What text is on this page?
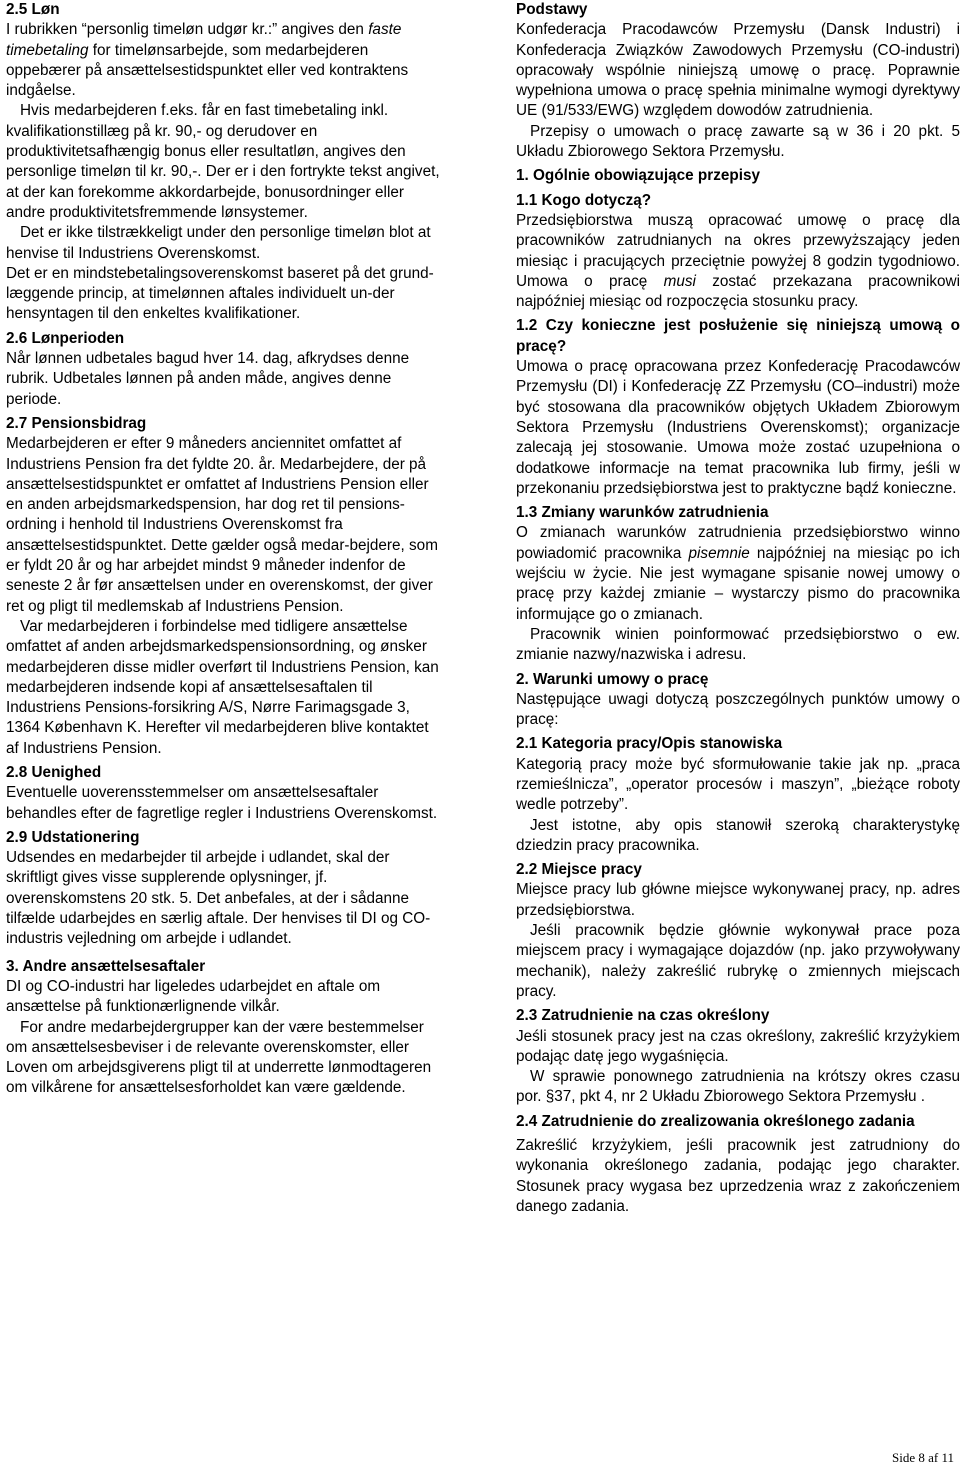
2.5 Løn

I rubrikken “personlig timeløn udgør kr.:” angives den faste timebetaling for timelønsarbejde, som medarbejderen oppebærer på ansættelsestidspunktet eller ved kontraktens indgåelse.

Hvis medarbejderen f.eks. får en fast timebetaling inkl. kvalifikationstillæg på kr. 90,- og derudover en produktivitetsafhængig bonus eller resultatløn, angives den personlige timeløn til kr. 90,-. Der er i den fortrykte tekst angivet, at der kan forekomme akkordarbejde, bonusordninger eller andre produktivitetsfremmende lønsystemer.

Det er ikke tilstrækkeligt under den personlige timeløn blot at henvise til Industriens Overenskomst.

Det er en mindstebetalingsoverenskomst baseret på det grund-læggende princip, at timelønnen aftales individuelt un-der hensyntagen til den enkeltes kvalifikationer.

2.6 Lønperioden

Når lønnen udbetales bagud hver 14. dag, afkrydses denne rubrik. Udbetales lønnen på anden måde, angives denne periode.

2.7 Pensionsbidrag

Medarbejderen er efter 9 måneders anciennitet omfattet af Industriens Pension fra det fyldte 20. år. Medarbejdere, der på ansættelsestidspunktet er omfattet af Industriens Pension eller en anden arbejdsmarkedspension, har dog ret til pensions-ordning i henhold til Industriens Overenskomst fra ansættelsestidspunktet. Dette gælder også medar-bejdere, som er fyldt 20 år og har arbejdet mindst 9 måneder indenfor de seneste 2 år før ansættelsen under en overenskomst, der giver ret og pligt til medlemskab af Industriens Pension.

Var medarbejderen i forbindelse med tidligere ansættelse omfattet af anden arbejdsmarkedspensionsordning, og ønsker medarbejderen disse midler overført til Industriens Pension, kan medarbejderen indsende kopi af ansættelsesaftalen til Industriens Pensions-forsikring A/S, Nørre Farimagsgade 3, 1364 København K. Herefter vil medarbejderen blive kontaktet af Industriens Pension.

2.8 Uenighed

Eventuelle uoverensstemmelser om ansættelsesaftaler behandles efter de fagretlige regler i Industriens Overenskomst.

2.9 Udstationering

Udsendes en medarbejder til arbejde i udlandet, skal der skriftligt gives visse supplerende oplysninger, jf. overenskomstens 20 stk. 5. Det anbefales, at der i sådanne tilfælde udarbejdes en særlig aftale. Der henvises til DI og CO-industris vejledning om arbejde i udlandet.

3. Andre ansættelsesaftaler

DI og CO-industri har ligeledes udarbejdet en aftale om ansættelse på funktionærlignende vilkår.

For andre medarbejdergrupper kan der være bestemmelser om ansættelsesbeviser i de relevante overenskomster, eller Loven om arbejdsgiverens pligt til at underrette lønmodtageren om vilkårene for ansættelsesforholdet kan være gældende.

Podstawy

Konfederacja Pracodawców Przemysłu (Dansk Industri) i Konfederacja Związków Zawodowych Przemysłu (CO-industri) opracowały wspólnie niniejszą umowę o pracę. Poprawnie wypełniona umowa o pracę spełnia minimalne wymogi dyrektywy UE (91/533/EWG) względem dowodów zatrudnienia.

Przepisy o umowach o pracę zawarte są w 36 i 20 pkt. 5 Układu Zbiorowego Sektora Przemysłu.

1. Ogólnie obowiązujące przepisy

1.1 Kogo dotyczą?

Przedsiębiorstwa muszą opracować umowę o pracę dla pracowników zatrudnianych na okres przewyższający jeden miesiąc i pracujących przeciętnie powyżej 8 godzin tygodniowo. Umowa o pracę musi zostać przekazana pracownikowi najpóźniej miesiąc od rozpoczęcia stosunku pracy.

1.2 Czy konieczne jest posłużenie się niniejszą umową o pracę?

Umowa o pracę opracowana przez Konfederację Pracodawców Przemysłu (DI) i Konfederację ZZ Przemysłu (CO–industri) może być stosowana dla pracowników objętych Układem Zbiorowym Sektora Przemysłu (Industriens Overenskomst); organizacje zalecają jej stosowanie. Umowa może zostać uzupełniona o dodatkowe informacje na temat pracownika lub firmy, jeśli w przekonaniu przedsiębiorstwa jest to praktyczne bądź konieczne.

1.3 Zmiany warunków zatrudnienia

O zmianach warunków zatrudnienia przedsiębiorstwo winno powiadomić pracownika pisemnie najpóźniej na miesiąc po ich wejściu w życie. Nie jest wymagane spisanie nowej umowy o pracę przy każdej zmianie – wystarczy pismo do pracownika informujące go o zmianach.

Pracownik winien poinformować przedsiębiorstwo o ew. zmianie nazwy/nazwiska i adresu.

2. Warunki umowy o pracę

Następujące uwagi dotyczą poszczególnych punktów umowy o pracę:

2.1 Kategoria pracy/Opis stanowiska

Kategorią pracy może być sformułowanie takie jak np. „praca rzemieślnicza”, „operator procesów i maszyn”, „bieżące roboty wedle potrzeby”.

Jest istotne, aby opis stanowił szeroką charakterystykę dziedzin pracy pracownika.

2.2 Miejsce pracy

Miejsce pracy lub główne miejsce wykonywanej pracy, np. adres przedsiębiorstwa.

Jeśli pracownik będzie głównie wykonywał prace poza miejscem pracy i wymagające dojazdów (np. jako przywoływany mechanik), należy zakreślić rubrykę o zmiennych miejscach pracy.

2.3 Zatrudnienie na czas określony

Jeśli stosunek pracy jest na czas określony, zakreślić krzyżykiem podając datę jego wygaśnięcia.

W sprawie ponownego zatrudnienia na krótszy okres czasu por. §37, pkt 4, nr 2 Układu Zbiorowego Sektora Przemysłu .

2.4 Zatrudnienie do zrealizowania określonego zadania

Zakreślić krzyżykiem, jeśli pracownik jest zatrudniony do wykonania określonego zadania, podając jego charakter. Stosunek pracy wygasa bez uprzedzenia wraz z zakończeniem danego zadania.

Side 8 af 11
